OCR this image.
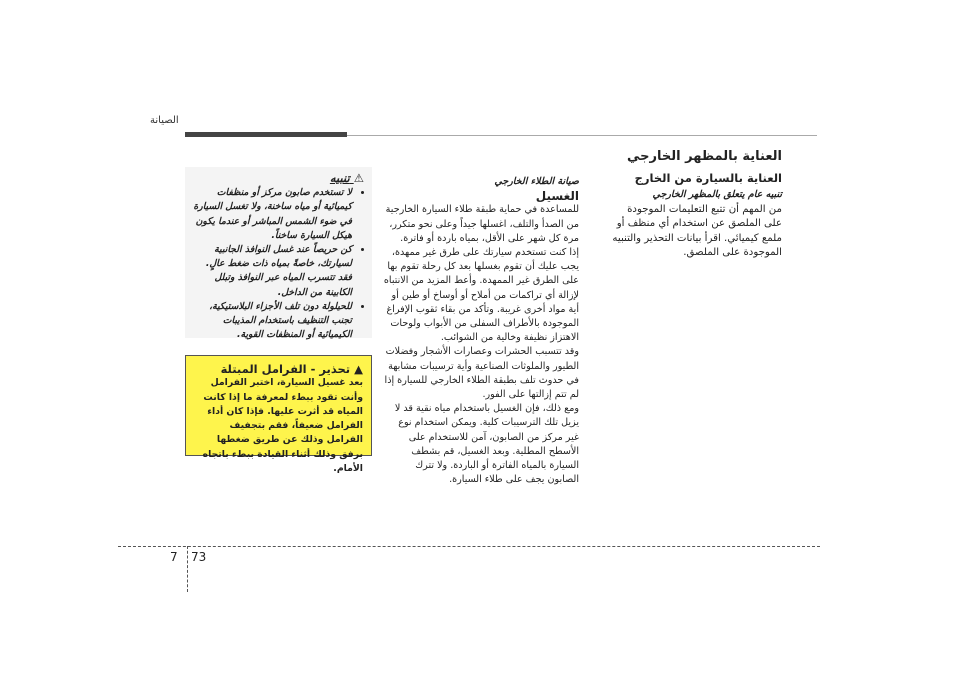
الصيانة
العناية بالمظهر الخارجي
العناية بالسيارة من الخارج
تنبيه عام يتعلق بالمظهر الخارجي

من المهم أن تتبع التعليمات الموجودة على الملصق عن استخدام أي منظف أو ملمع كيميائي. اقرأ بيانات التحذير والتنبيه الموجودة على الملصق.

صيانة الطلاء الخارجي
الغسيل

للمساعدة في حماية طبقة طلاء السيارة الخارجية من الصدأ والتلف، اغسلها جيداً وعلى نحو متكرر، مرة كل شهر على الأقل، بمياه باردة أو فاترة.

إذا كنت تستخدم سيارتك على طرق غير ممهدة، يجب عليك أن تقوم بغسلها بعد كل رحلة تقوم بها على الطرق غير الممهدة. وأعط المزيد من الانتباه لإزالة أي تراكمات من أملاح أو أوساخ أو طين أو أية مواد أخرى غريبة. وتأكد من بقاء ثقوب الإفراغ الموجودة بالأطراف السفلى من الأبواب ولوحات الاهتزاز نظيفة وخالية من الشوائب.

وقد تتسبب الحشرات وعصارات الأشجار وفضلات الطيور والملوثات الصناعية وأية ترسيبات مشابهة في حدوث تلف بطبقة الطلاء الخارجي للسيارة إذا لم تتم إزالتها على الفور.

ومع ذلك، فإن الغسيل باستخدام مياه نقية قد لا يزيل تلك الترسيبات كلية. ويمكن استخدام نوع غير مركز من الصابون، آمن للاستخدام على الأسطح المطلية. وبعد الغسيل، قم بشطف السيارة بالمياه الفاترة أو الباردة. ولا تترك الصابون يجف على طلاء السيارة.

⚠ تنبيه
• لا تستخدم صابون مركز أو منظفات كيميائية أو مياه ساخنة، ولا تغسل السيارة في ضوء الشمس المباشر أو عندما يكون هيكل السيارة ساخناً.
• كن حريصاً عند غسل النوافذ الجانبية لسيارتك، خاصةً بمياه ذات ضغط عالٍ. فقد تتسرب المياه عبر النوافذ وتبلل الكابينة من الداخل.
• للحيلولة دون تلف الأجزاء البلاستيكية، تجنب التنظيف باستخدام المذيبات الكيميائية أو المنظفات القوية.
▲ تحذير - الفرامل المبتلة

بعد غسيل السيارة، اختبر الفرامل وأنت تقود ببطء لمعرفة ما إذا كانت المياه قد أثرت عليها. فإذا كان أداء الفرامل ضعيفاً، فقم بتجفيف الفرامل وذلك عن طريق ضغطها برفق وذلك أثناء القيادة ببطء باتجاه الأمام.

7 73
